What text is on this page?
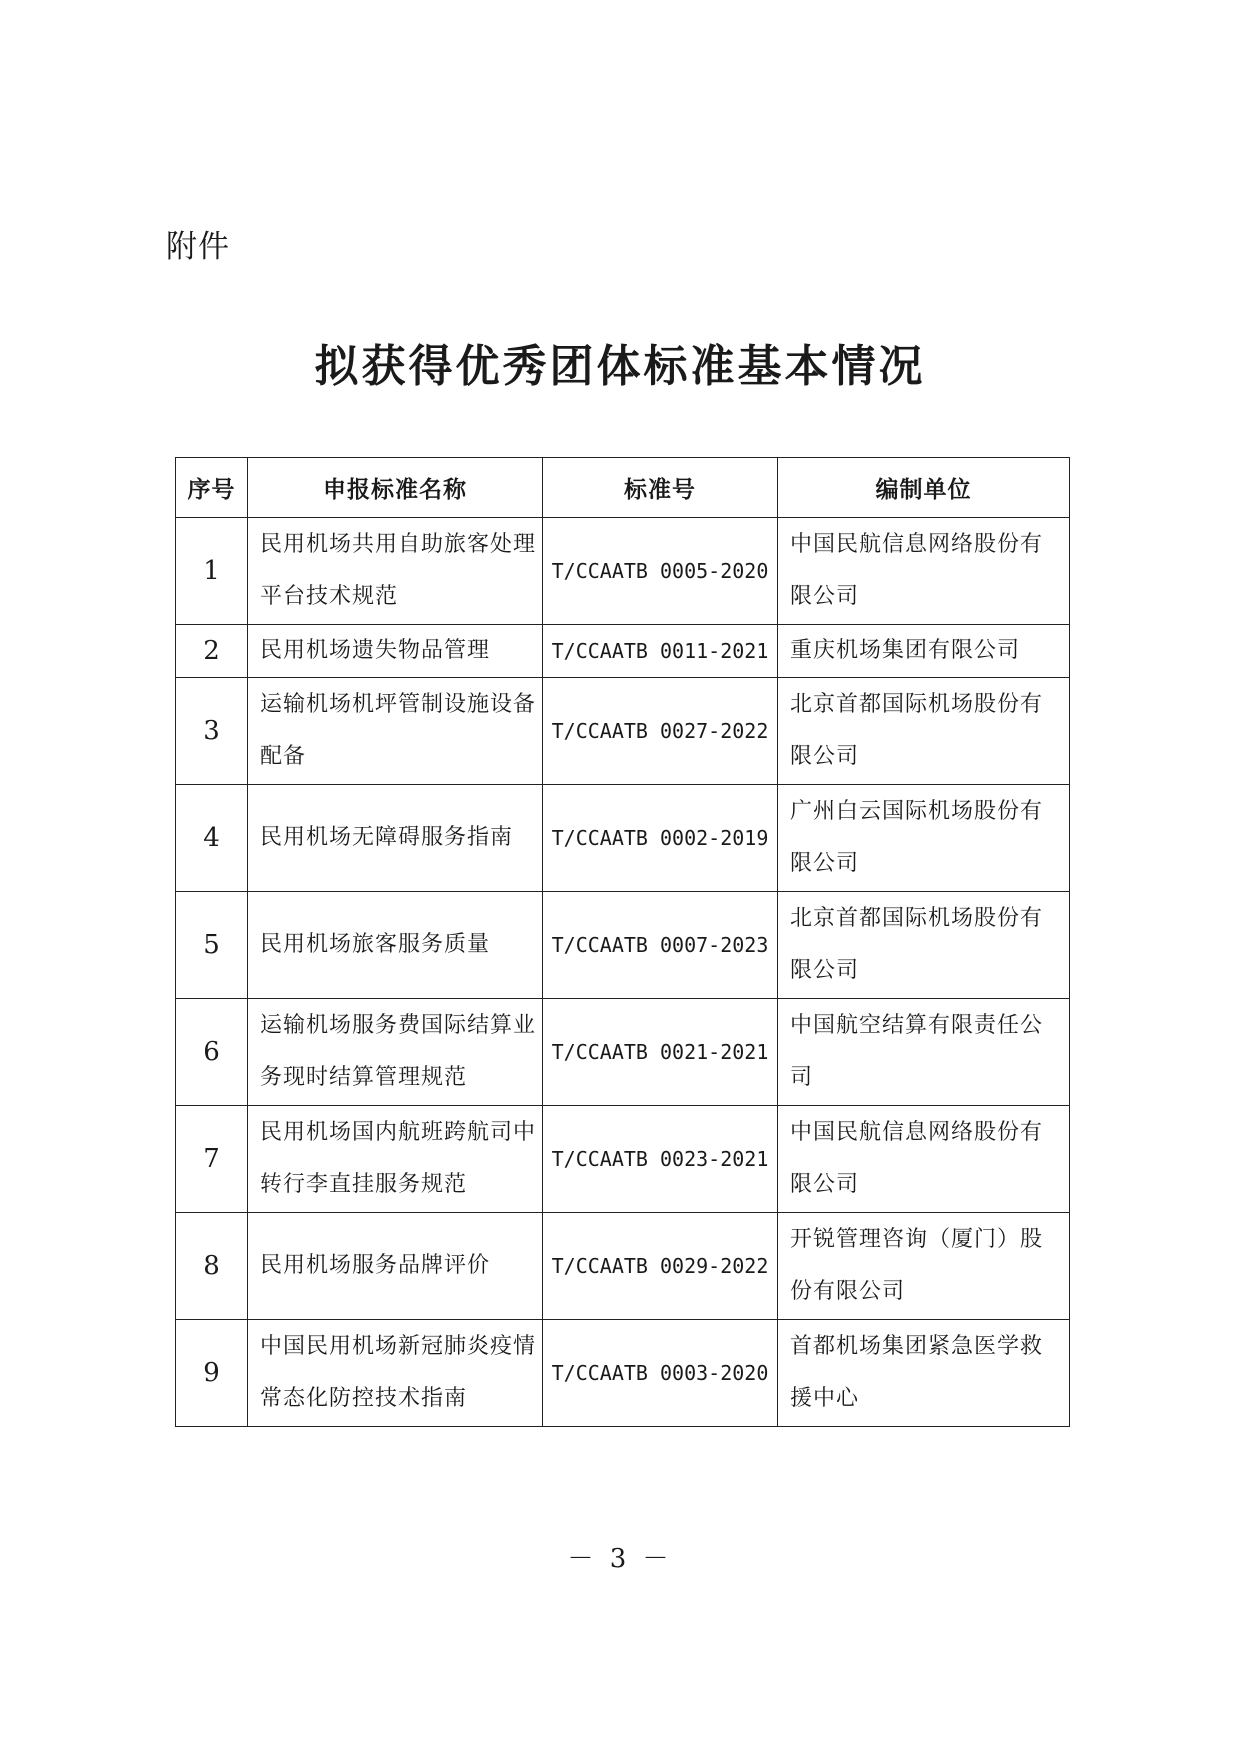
附件
拟获得优秀团体标准基本情况
序号	申报标准名称	标准号	编制单位
1	民用机场共用自助旅客处理平台技术规范	T/CCAATB 0005-2020	中国民航信息网络股份有限公司
2	民用机场遗失物品管理	T/CCAATB 0011-2021	重庆机场集团有限公司
3	运输机场机坪管制设施设备配备	T/CCAATB 0027-2022	北京首都国际机场股份有限公司
4	民用机场无障碍服务指南	T/CCAATB 0002-2019	广州白云国际机场股份有限公司
5	民用机场旅客服务质量	T/CCAATB 0007-2023	北京首都国际机场股份有限公司
6	运输机场服务费国际结算业务现时结算管理规范	T/CCAATB 0021-2021	中国航空结算有限责任公司
7	民用机场国内航班跨航司中转行李直挂服务规范	T/CCAATB 0023-2021	中国民航信息网络股份有限公司
8	民用机场服务品牌评价	T/CCAATB 0029-2022	开锐管理咨询（厦门）股份有限公司
9	中国民用机场新冠肺炎疫情常态化防控技术指南	T/CCAATB 0003-2020	首都机场集团紧急医学救援中心
－ 3 －
